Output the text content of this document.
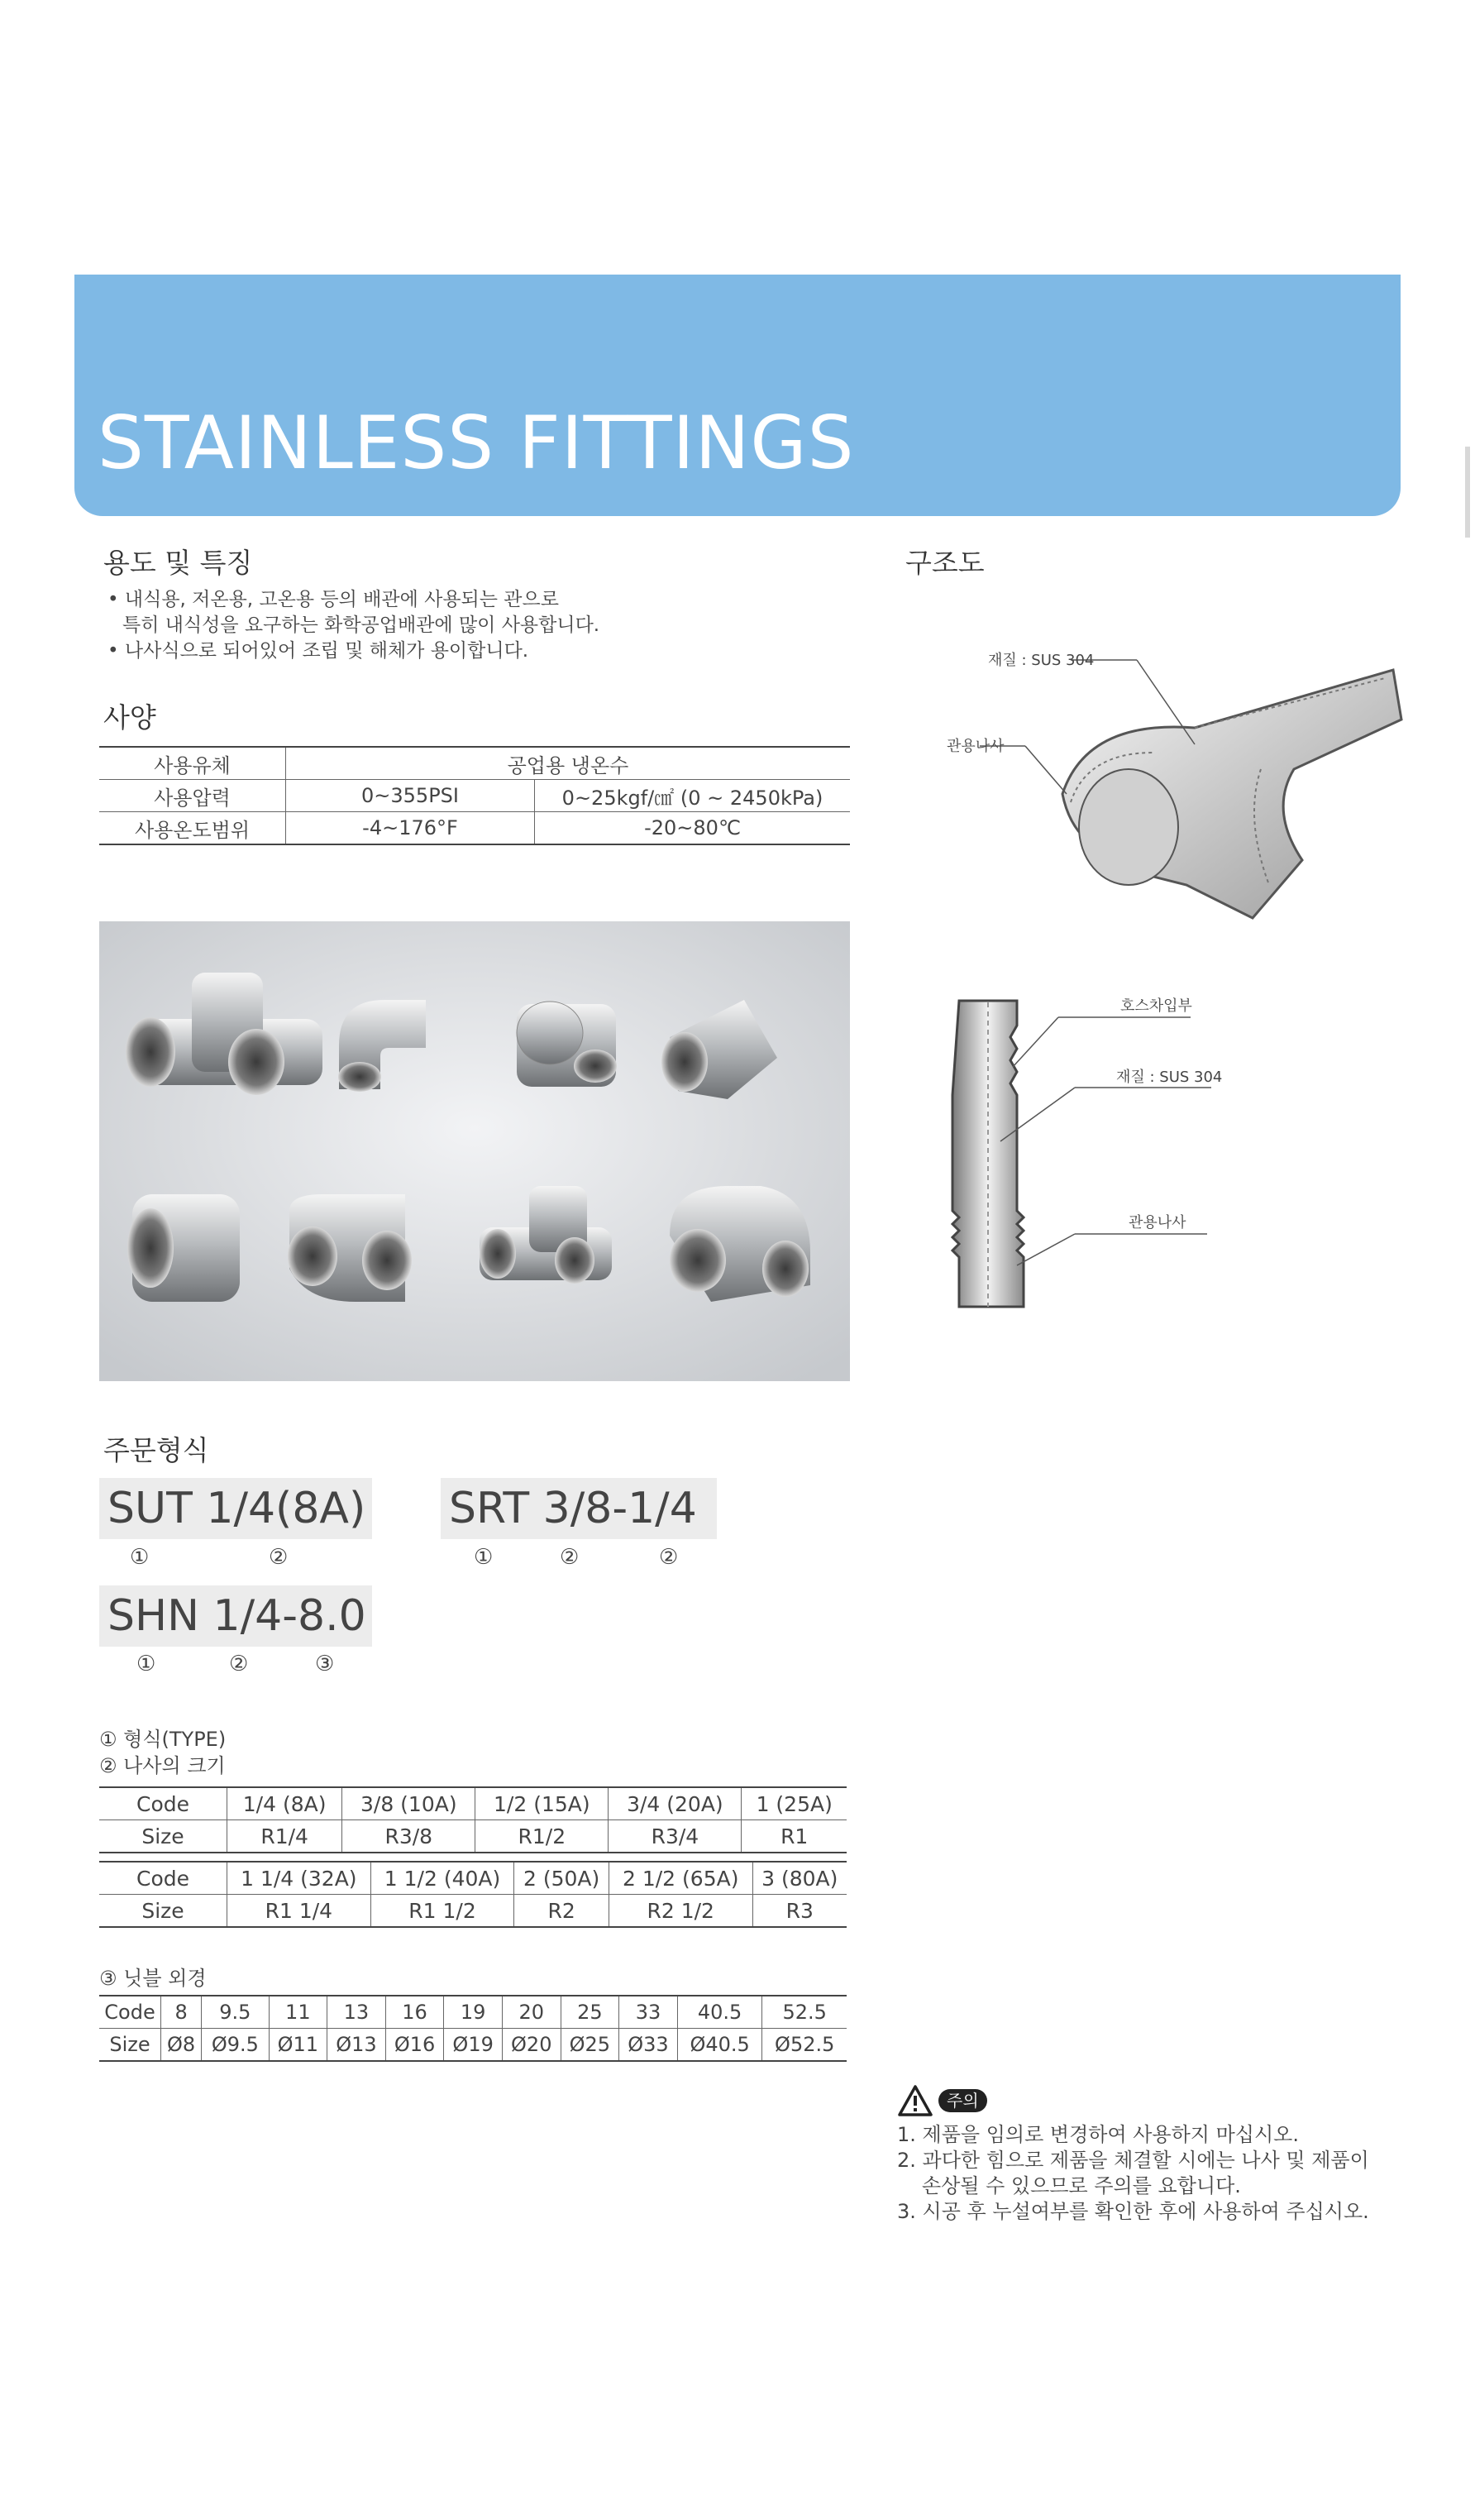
STAINLESS FITTINGS
용도 및 특징
• 내식용, 저온용, 고온용 등의 배관에 사용되는 관으로
특히 내식성을 요구하는 화학공업배관에 많이 사용합니다.
• 나사식으로 되어있어 조립 및 해체가 용이합니다.
사양
사용유체	공업용 냉온수	
사용압력	0~355PSI	0~25kgf/㎠ (0 ~ 2450kPa)
사용온도범위	-4~176°F	-20~80℃
구조도
재질 : SUS 304
관용나사
호스차입부
재질 : SUS 304
관용나사
주문형식
SUT 1/4(8A)
①	②
SRT 3/8-1/4
①	②	②
SHN 1/4-8.0
①	②	③
① 형식(TYPE)
② 나사의 크기
Code	1/4 (8A)	3/8 (10A)	1/2 (15A)	3/4 (20A)	1 (25A)
Size	R1/4	R3/8	R1/2	R3/4	R1
Code	1 1/4 (32A)	1 1/2 (40A)	2 (50A)	2 1/2 (65A)	3 (80A)
Size	R1 1/4	R1 1/2	R2	R2 1/2	R3
③ 닛블 외경
Code	8	9.5	11	13	16	19	20	25	33	40.5	52.5
Size	Ø8	Ø9.5	Ø11	Ø13	Ø16	Ø19	Ø20	Ø25	Ø33	Ø40.5	Ø52.5
주의
1. 제품을 임의로 변경하여 사용하지 마십시오.
2. 과다한 힘으로 제품을 체결할 시에는 나사 및 제품이
손상될 수 있으므로 주의를 요합니다.
3. 시공 후 누설여부를 확인한 후에 사용하여 주십시오.
